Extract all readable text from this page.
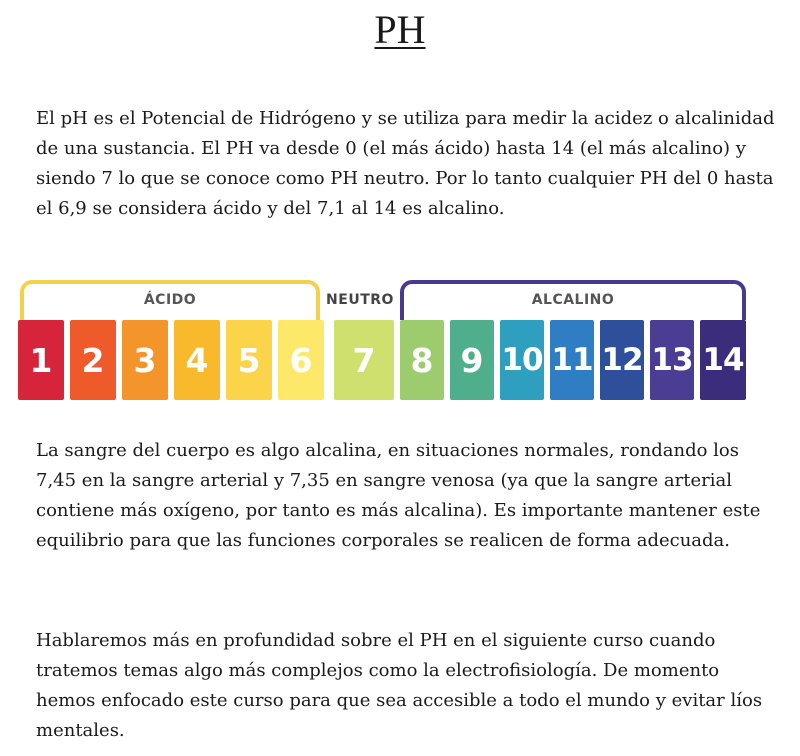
PH

El pH es el Potencial de Hidrógeno y se utiliza para medir la acidez o alcalinidad de una sustancia. El PH va desde 0 (el más ácido) hasta 14 (el más alcalino) y siendo 7 lo que se conoce como PH neutro. Por lo tanto cualquier PH del 0 hasta el 6,9 se considera ácido y del 7,1 al 14 es alcalino.

ÁCIDO	NEUTRO	ALCALINO
1 2 3 4 5 6	7	8 9 10 11 12 13 14

La sangre del cuerpo es algo alcalina, en situaciones normales, rondando los 7,45 en la sangre arterial y 7,35 en sangre venosa (ya que la sangre arterial contiene más oxígeno, por tanto es más alcalina). Es importante mantener este equilibrio para que las funciones corporales se realicen de forma adecuada.

Hablaremos más en profundidad sobre el PH en el siguiente curso cuando tratemos temas algo más complejos como la electrofisiología. De momento hemos enfocado este curso para que sea accesible a todo el mundo y evitar líos mentales.
